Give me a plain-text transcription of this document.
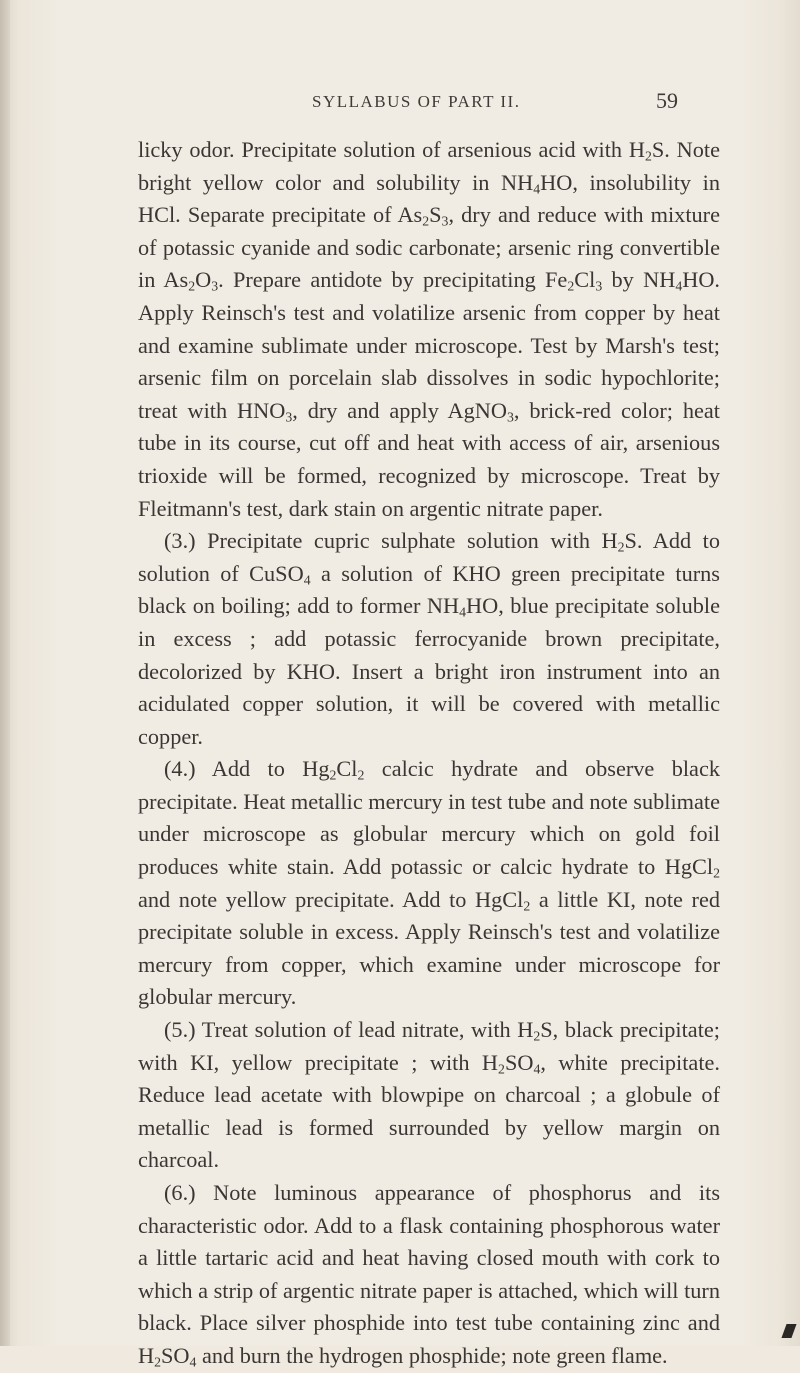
SYLLABUS OF PART II.	59

licky odor. Precipitate solution of arsenious acid with $H_2S$. Note bright yellow color and solubility in $NH_4HO$, insolubility in HCl. Separate precipitate of $As_2S_3$, dry and reduce with mixture of potassic cyanide and sodic carbonate; arsenic ring convertible in $As_2O_3$. Prepare antidote by precipitating $Fe_2Cl_3$ by $NH_4HO$. Apply Reinsch's test and volatilize arsenic from copper by heat and examine sublimate under microscope. Test by Marsh's test; arsenic film on porcelain slab dissolves in sodic hypochlorite; treat with $HNO_3$, dry and apply AgNO$_3$, brick-red color; heat tube in its course, cut off and heat with access of air, arsenious trioxide will be formed, recognized by microscope. Treat by Fleitmann's test, dark stain on argentic nitrate paper.

(3.) Precipitate cupric sulphate solution with $H_2S$. Add to solution of CuSO$_4$ a solution of KHO green precipitate turns black on boiling; add to former $NH_4HO$, blue precipitate soluble in excess ; add potassic ferrocyanide brown precipitate, decolorized by KHO. Insert a bright iron instrument into an acidulated copper solution, it will be covered with metallic copper.

(4.) Add to $Hg_2Cl_2$ calcic hydrate and observe black precipitate. Heat metallic mercury in test tube and note sublimate under microscope as globular mercury which on gold foil produces white stain. Add potassic or calcic hydrate to HgCl$_2$ and note yellow precipitate. Add to HgCl$_2$ a little KI, note red precipitate soluble in excess. Apply Reinsch's test and volatilize mercury from copper, which examine under microscope for globular mercury.

(5.) Treat solution of lead nitrate, with $H_2S$, black precipitate; with KI, yellow precipitate ; with $H_2SO_4$, white precipitate. Reduce lead acetate with blowpipe on charcoal ; a globule of metallic lead is formed surrounded by yellow margin on charcoal.

(6.) Note luminous appearance of phosphorus and its characteristic odor. Add to a flask containing phosphorous water a little tartaric acid and heat having closed mouth with cork to which a strip of argentic nitrate paper is attached, which will turn black. Place silver phosphide into test tube containing zinc and $H_2SO_4$ and burn the hydrogen phosphide; note green flame.
